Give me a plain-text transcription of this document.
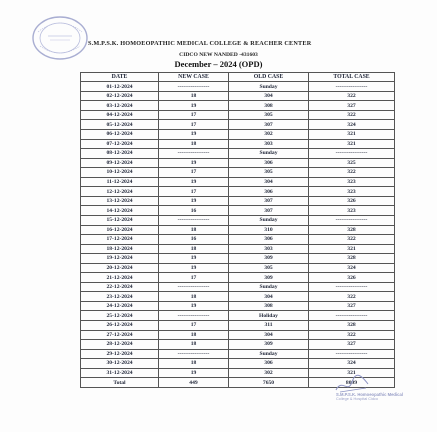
S.M.P.S.K. HOMOEOPATHIC MEDICAL COLLEGE & REACHER CENTER
CIDCO NEW NANDED -431603
December – 2024 (OPD)
DATE	NEW CASE	OLD CASE	TOTAL CASE
01-12-2024	-----------------	Sunday	-----------------
02-12-2024	18	304	322
03-12-2024	19	308	327
04-12-2024	17	305	322
05-12-2024	17	307	324
06-12-2024	19	302	321
07-12-2024	18	303	321
08-12-2024	-----------------	Sunday	-----------------
09-12-2024	19	306	325
10-12-2024	17	305	322
11-12-2024	19	304	323
12-12-2024	17	306	323
13-12-2024	19	307	326
14-12-2024	16	307	323
15-12-2024	-----------------	Sunday	-----------------
16-12-2024	18	310	328
17-12-2024	16	306	322
18-12-2024	18	303	321
19-12-2024	19	309	328
20-12-2024	19	305	324
21-12-2024	17	309	326
22-12-2024	-----------------	Sunday	-----------------
23-12-2024	18	304	322
24-12-2024	19	308	327
25-12-2024	-----------------	Holiday	-----------------
26-12-2024	17	311	328
27-12-2024	18	304	322
28-12-2024	18	309	327
29-12-2024	-----------------	Sunday	-----------------
30-12-2024	18	306	324
31-12-2024	19	302	321
Total	449	7650	8099
S.M.P.S.K. Homoeopathic Medical
College & Hospital Cidco
